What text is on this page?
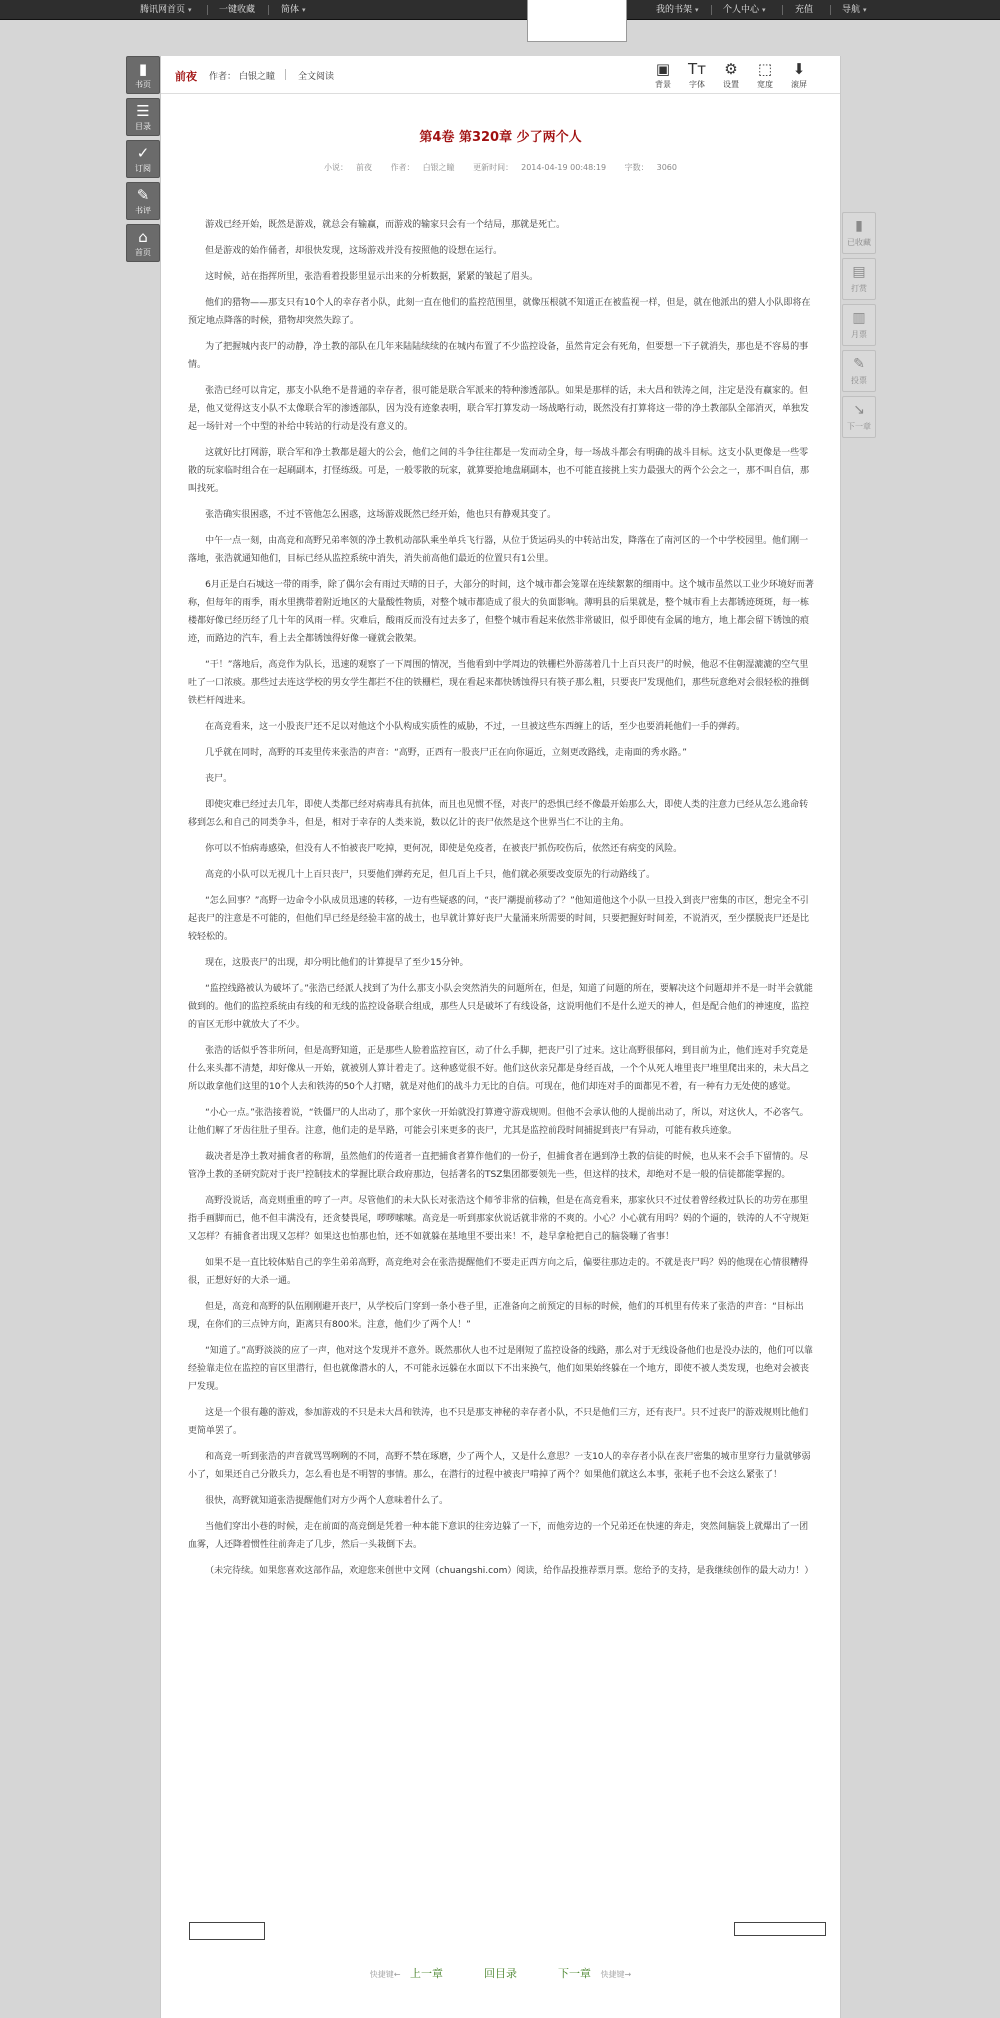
腾讯网首页 ▾	一键收藏	简体 ▾	我的书架 ▾	个人中心 ▾	充值	导航 ▾
▮
书页
☰
目录
✓
订阅
✎
书评
⌂
首页
▮
已收藏
▤
打赏
▥
月票
✎
投票
↘
下一章
前夜 作者： 白银之瞳	全文阅读	▣
背景
Tт
字体
⚙
设置
⬚
宽度
⬇
滚屏
第4卷 第320章 少了两个人
小说： 前夜 作者： 白银之瞳 更新时间： 2014-04-19 00:48:19 字数： 3060

游戏已经开始，既然是游戏，就总会有输赢，而游戏的输家只会有一个结局，那就是死亡。

但是游戏的始作俑者，却很快发现，这场游戏并没有按照他的设想在运行。

这时候，站在指挥所里，张浩看着投影里显示出来的分析数据，紧紧的皱起了眉头。

他们的猎物——那支只有10个人的幸存者小队，此刻一直在他们的监控范围里，就像压根就不知道正在被监视一样，但是，就在他派出的猎人小队即将在预定地点降落的时候，猎物却突然失踪了。

为了把握城内丧尸的动静，净土教的部队在几年来陆陆续续的在城内布置了不少监控设备，虽然肯定会有死角，但要想一下子就消失，那也是不容易的事情。

张浩已经可以肯定，那支小队绝不是普通的幸存者，很可能是联合军派来的特种渗透部队。如果是那样的话，未大昌和铁涛之间，注定是没有赢家的。但是，他又觉得这支小队不太像联合军的渗透部队，因为没有迹象表明，联合军打算发动一场战略行动，既然没有打算将这一带的净土教部队全部消灭，单独发起一场针对一个中型的补给中转站的行动是没有意义的。

这就好比打网游，联合军和净土教都是超大的公会，他们之间的斗争往往都是一发而动全身，每一场战斗都会有明确的战斗目标。这支小队更像是一些零散的玩家临时组合在一起刷副本，打怪练级。可是，一般零散的玩家，就算要抢地盘刷副本，也不可能直接挑上实力最强大的两个公会之一，那不叫自信，那叫找死。

张浩确实很困惑，不过不管他怎么困惑，这场游戏既然已经开始，他也只有静观其变了。

中午一点一刻，由高竞和高野兄弟率领的净土教机动部队乘坐单兵飞行器，从位于货运码头的中转站出发，降落在了南河区的一个中学校园里。他们刚一落地，张浩就通知他们，目标已经从监控系统中消失，消失前高他们最近的位置只有1公里。

6月正是白石城这一带的雨季，除了偶尔会有雨过天晴的日子，大部分的时间，这个城市都会笼罩在连续絮絮的细雨中。这个城市虽然以工业少环境好而著称，但每年的雨季，雨水里携带着附近地区的大量酸性物质，对整个城市都造成了很大的负面影响。薄明县的后果就是，整个城市看上去都锈迹斑斑，每一栋楼都好像已经历经了几十年的风雨一样。灾难后，酸雨反而没有过去多了，但整个城市看起来依然非常破旧，似乎即使有金属的地方，地上都会留下锈蚀的痕迹，而路边的汽车，看上去全都锈蚀得好像一碰就会散架。

“干！”落地后，高竞作为队长，迅速的观察了一下周围的情况，当他看到中学周边的铁栅栏外游荡着几十上百只丧尸的时候，他忍不住朝湿漉漉的空气里吐了一口浓痰。那些过去连这学校的男女学生都拦不住的铁栅栏，现在看起来都快锈蚀得只有筷子那么粗，只要丧尸发现他们，那些玩意绝对会很轻松的推倒铁栏杆闯进来。

在高竞看来，这一小股丧尸还不足以对他这个小队构成实质性的威胁，不过，一旦被这些东西缠上的话，至少也要消耗他们一手的弹药。

几乎就在同时，高野的耳麦里传来张浩的声音：“高野，正西有一股丧尸正在向你逼近，立刻更改路线，走南面的秀水路。”

丧尸。

即使灾难已经过去几年，即使人类都已经对病毒具有抗体，而且也见惯不怪，对丧尸的恐惧已经不像最开始那么大，即使人类的注意力已经从怎么逃命转移到怎么和自己的同类争斗，但是，相对于幸存的人类来说，数以亿计的丧尸依然是这个世界当仁不让的主角。

你可以不怕病毒感染，但没有人不怕被丧尸吃掉，更何况，即使是免疫者，在被丧尸抓伤咬伤后，依然还有病变的风险。

高竞的小队可以无视几十上百只丧尸，只要他们弹药充足，但几百上千只，他们就必须要改变原先的行动路线了。

“怎么回事？”高野一边命令小队成员迅速的转移，一边有些疑惑的问，“丧尸潮提前移动了？”他知道他这个小队一旦投入到丧尸密集的市区，想完全不引起丧尸的注意是不可能的，但他们早已经是经验丰富的战士，也早就计算好丧尸大量涌来所需要的时间，只要把握好时间差，不说消灭，至少摆脱丧尸还是比较轻松的。

现在，这股丧尸的出现，却分明比他们的计算提早了至少15分钟。

“监控线路被认为破坏了。”张浩已经派人找到了为什么那支小队会突然消失的问题所在，但是，知道了问题的所在，要解决这个问题却并不是一时半会就能做到的。他们的监控系统由有线的和无线的监控设备联合组成，那些人只是破坏了有线设备，这说明他们不是什么逆天的神人，但是配合他们的神速度，监控的盲区无形中就放大了不少。

张浩的话似乎答非所问，但是高野知道，正是那些人脸着监控盲区，动了什么手脚，把丧尸引了过来。这让高野很郁闷，到目前为止，他们连对手究竟是什么来头都不清楚，却好像从一开始，就被别人算计着走了。这种感觉很不好。他们这伙亲兄都是身经百战，一个个从死人堆里丧尸堆里爬出来的，未大昌之所以敢拿他们这里的10个人去和铁涛的50个人打赌，就是对他们的战斗力无比的自信。可现在，他们却连对手的面都见不着，有一种有力无处使的感觉。

“小心一点。”张浩接着说，“铁僵尸的人出动了，那个家伙一开始就没打算遵守游戏规则。但他不会承认他的人提前出动了，所以，对这伙人，不必客气。让他们解了牙齿往肚子里吞。注意，他们走的是旱路，可能会引来更多的丧尸，尤其是监控前段时间捕捉到丧尸有异动，可能有救兵迹象。

裁决者是净土教对捕食者的称谓，虽然他们的传道者一直把捕食者算作他们的一份子，但捕食者在遇到净土教的信徒的时候，也从来不会手下留情的。尽管净土教的圣研究院对于丧尸控制技术的掌握比联合政府那边，包括著名的TSZ集团都要领先一些，但这样的技术，却绝对不是一般的信徒都能掌握的。

高野没说话，高竞则重重的哼了一声。尽管他们的未大队长对张浩这个师爷非常的信赖，但是在高竞看来，那家伙只不过仗着曾经救过队长的功劳在那里指手画脚而已，他不但丰满没有，还贪婪畏尾，啰啰嗦嗦。高竞是一听到那家伙说话就非常的不爽的。小心？小心就有用吗？妈的个逼的，铁涛的人不守规矩又怎样？有捕食者出现又怎样？如果这也怕那也怕，还不如就躲在基地里不要出来！不，趁早拿枪把自己的脑袋嘣了省事！

如果不是一直比较体贴自己的孪生弟弟高野，高竞绝对会在张浩提醒他们不要走正西方向之后，偏要往那边走的。不就是丧尸吗？妈的他现在心情很糟得很，正想好好的大杀一通。

但是，高竞和高野的队伍刚刚避开丧尸，从学校后门穿到一条小巷子里，正准备向之前预定的目标的时候，他们的耳机里有传来了张浩的声音：“目标出现，在你们的三点钟方向，距离只有800米。注意，他们少了两个人！”

“知道了。”高野淡淡的应了一声，他对这个发现并不意外。既然那伙人也不过是刚短了监控设备的线路，那么对于无线设备他们也是没办法的，他们可以靠经验靠走位在监控的盲区里潜行，但也就像潜水的人，不可能永远躲在水面以下不出来换气，他们如果始终躲在一个地方，即使不被人类发现，也绝对会被丧尸发现。

这是一个很有趣的游戏，参加游戏的不只是未大昌和铁涛，也不只是那支神秘的幸存者小队，不只是他们三方，还有丧尸。只不过丧尸的游戏规则比他们更简单罢了。

和高竞一听到张浩的声音就骂骂咧咧的不同，高野不禁在琢磨，少了两个人，又是什么意思？一支10人的幸存者小队在丧尸密集的城市里穿行力量就够弱小了，如果还自己分散兵力，怎么看也是不明智的事情。那么，在潜行的过程中被丧尸啃掉了两个？如果他们就这么本事，张耗子也不会这么紧张了！

很快，高野就知道张浩提醒他们对方少两个人意味着什么了。

当他们穿出小巷的时候，走在前面的高竞倒是凭着一种本能下意识的往旁边躲了一下，而他旁边的一个兄弟还在快速的奔走，突然间脑袋上就爆出了一团血雾，人还降着惯性往前奔走了几步，然后一头栽倒下去。

（未完待续。如果您喜欢这部作品，欢迎您来创世中文网（chuangshi.com）阅读，给作品投推荐票月票。您给予的支持，是我继续创作的最大动力！）

快捷键← 上一章	回目录	下一章 快捷键→
